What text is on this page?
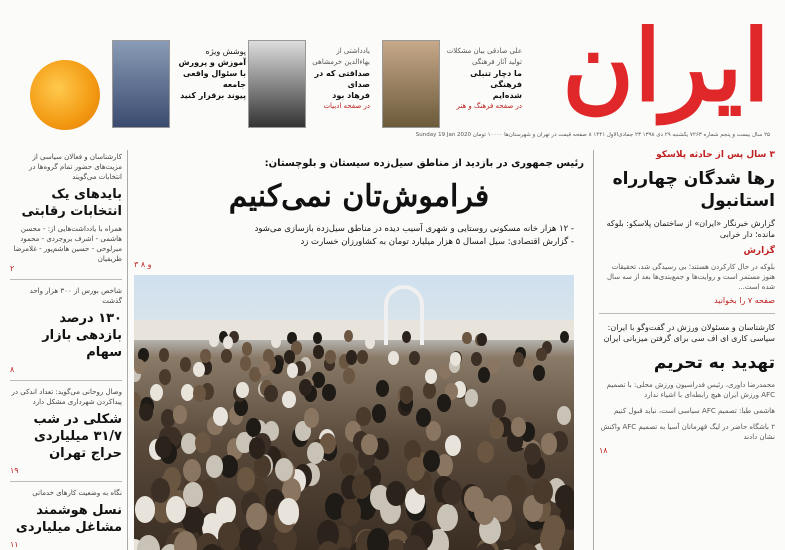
ایران
پوشش ویژه
آموزش و پرورش
با سئوال واقعی جامعه
پیوند برقرار کنید
یادداشتی از بهاءالدین خرمشاهی
صداقتی که در صدای
فرهاد بود
در صفحه ادبیات
علی صادقی بیان مشکلات
تولید آثار فرهنگی
ما دچار تنبلی فرهنگی
شده‌ایم
در صفحه فرهنگ و هنر
۲۵ سال بیست و پنجم شماره ۷۲۶۳ یکشنبه ۲۹ دی ۱۳۹۸ ۲۳ جمادی‌الاول ۱۴۴۱ ۸ صفحه قیمت در تهران و شهرستان‌ها ۱۰۰۰۰ تومان Sunday 19 Jan 2020
۳ سال پس از حادثه پلاسکو
رها شدگان چهارراه استانبول
گزارش خبرنگار «ایران» از ساختمان پلاسکو: بلوکه مانده؛ دار خرابی
گزارش
بلوکه در حال کارکردن هستند؛ بی رسیدگی شد، تحقیقات هنوز مستمر است و روایت‌ها و جمع‌بندی‌ها بعد از سه سال شده است...
صفحه ۷ را بخوانید
کارشناسان و مسئولان ورزش در گفت‌وگو با ایران: سیاسی کاری ای اف سی برای گرفتن میزبانی ایران
تهدید به تحریم
محمدرضا داوری، رئیس فدراسیون ورزش محلی: با تصمیم AFC ورزش ایران هیچ رابطه‌ای با اشیاء ندارد
هاشمی طبا: تصمیم AFC سیاسی است، نباید قبول کنیم
۲ باشگاه حاضر در لیگ قهرمانان آسیا به تصمیم AFC واکنش نشان دادند
۱۸
رئیس جمهوری در بازدید از مناطق سیل‌زده سیستان و بلوچستان:
فراموش‌تان نمی‌کنیم
- ۱۲ هزار خانه مسکونی روستایی و شهری آسیب دیده در مناطق سیل‌زده بازسازی می‌شود
- گزارش اقتصادی: سیل امسال ۵ هزار میلیارد تومان به کشاورزان خسارت زد
۳ و ۸
کارشناسان و فعالان سیاسی از مزیت‌های حضور تمام گروه‌ها در انتخابات می‌گویند
بایدهای یک انتخابات رقابتی
همراه با یادداشت‌هایی از: - محسن هاشمی - اشرف بروجردی - محمود میرلوحی - حسین هاشم‌پور - غلامرضا ظریفیان
۲
شاخص بورس از ۳۰۰ هزار واحد گذشت
۱۳۰ درصد بازدهی بازار سهام
۸
وصال روحانی می‌گوید: تعداد اندکی در پیداکردن شهرداری مشکل دارد
شکلی در شب ۳۱/۷ میلیاردی حراج تهران
۱۹
نگاه به وضعیت کارهای خدماتی
نسل هوشمند مشاغل میلیاردی
۱۱
